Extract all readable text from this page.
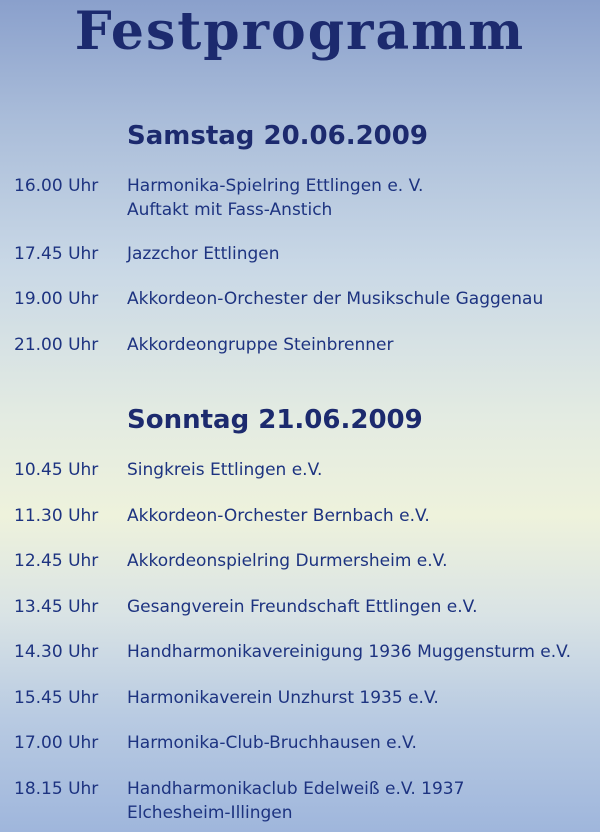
Festprogramm
Samstag 20.06.2009
16.00 Uhr Harmonika-Spielring Ettlingen e. V.
Auftakt mit Fass-Anstich
17.45 Uhr Jazzchor Ettlingen
19.00 Uhr Akkordeon-Orchester der Musikschule Gaggenau
21.00 Uhr Akkordeongruppe Steinbrenner
Sonntag 21.06.2009
10.45 Uhr Singkreis Ettlingen e.V.
11.30 Uhr Akkordeon-Orchester Bernbach e.V.
12.45 Uhr Akkordeonspielring Durmersheim e.V.
13.45 Uhr Gesangverein Freundschaft Ettlingen e.V.
14.30 Uhr Handharmonikavereinigung 1936 Muggensturm e.V.
15.45 Uhr Harmonikaverein Unzhurst 1935 e.V.
17.00 Uhr Harmonika-Club-Bruchhausen e.V.
18.15 Uhr Handharmonikaclub Edelweiß e.V. 1937
Elchesheim-Illingen
